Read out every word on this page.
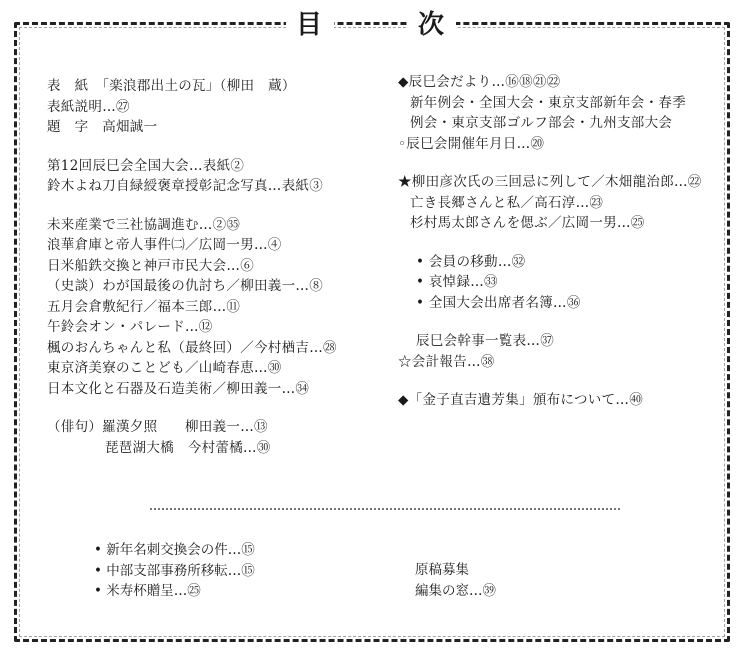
目	次
表　紙　「楽浪郡出土の瓦」（柳田　蔵）
表紙説明…㉗
題　字　高畑誠一
第12回辰巳会全国大会…表紙②
鈴木よね刀自緑綬褒章授彰記念写真…表紙③
未来産業で三社協調進む…②㉟
浪華倉庫と帝人事件㈡／広岡一男…④
日米船鉄交換と神戸市民大会…⑥
（史談）わが国最後の仇討ち／柳田義一…⑧
五月会倉敷紀行／福本三郎…⑪
午鈴会オン・パレード…⑫
楓のおんちゃんと私（最終回）／今村楢吉…㉘
東京済美寮のことども／山崎春恵…㉚
日本文化と石器及石造美術／柳田義一…㉞
（俳句）羅漢夕照　　柳田義一…⑬
琵琶湖大橋　今村蕾橘…㉚
◆辰巳会だより…⑯⑱㉑㉒
新年例会・全国大会・東京支部新年会・春季
例会・東京支部ゴルフ部会・九州支部大会
◦辰巳会開催年月日…⑳
★柳田彦次氏の三回忌に列して／木畑龍治郎…㉒
亡き長郷さんと私／高石淳…㉓
杉村馬太郎さんを偲ぶ／広岡一男…㉕
• 会員の移動…㉜
• 哀悼録…㉝
• 全国大会出席者名簿…㊱
辰巳会幹事一覧表…㊲
☆会計報告…㊳
◆「金子直吉遺芳集」頒布について…㊵
• 新年名刺交換会の件…⑮
• 中部支部事務所移転…⑮
• 米寿杯贈呈…㉕
原稿募集
編集の窓…㊴
